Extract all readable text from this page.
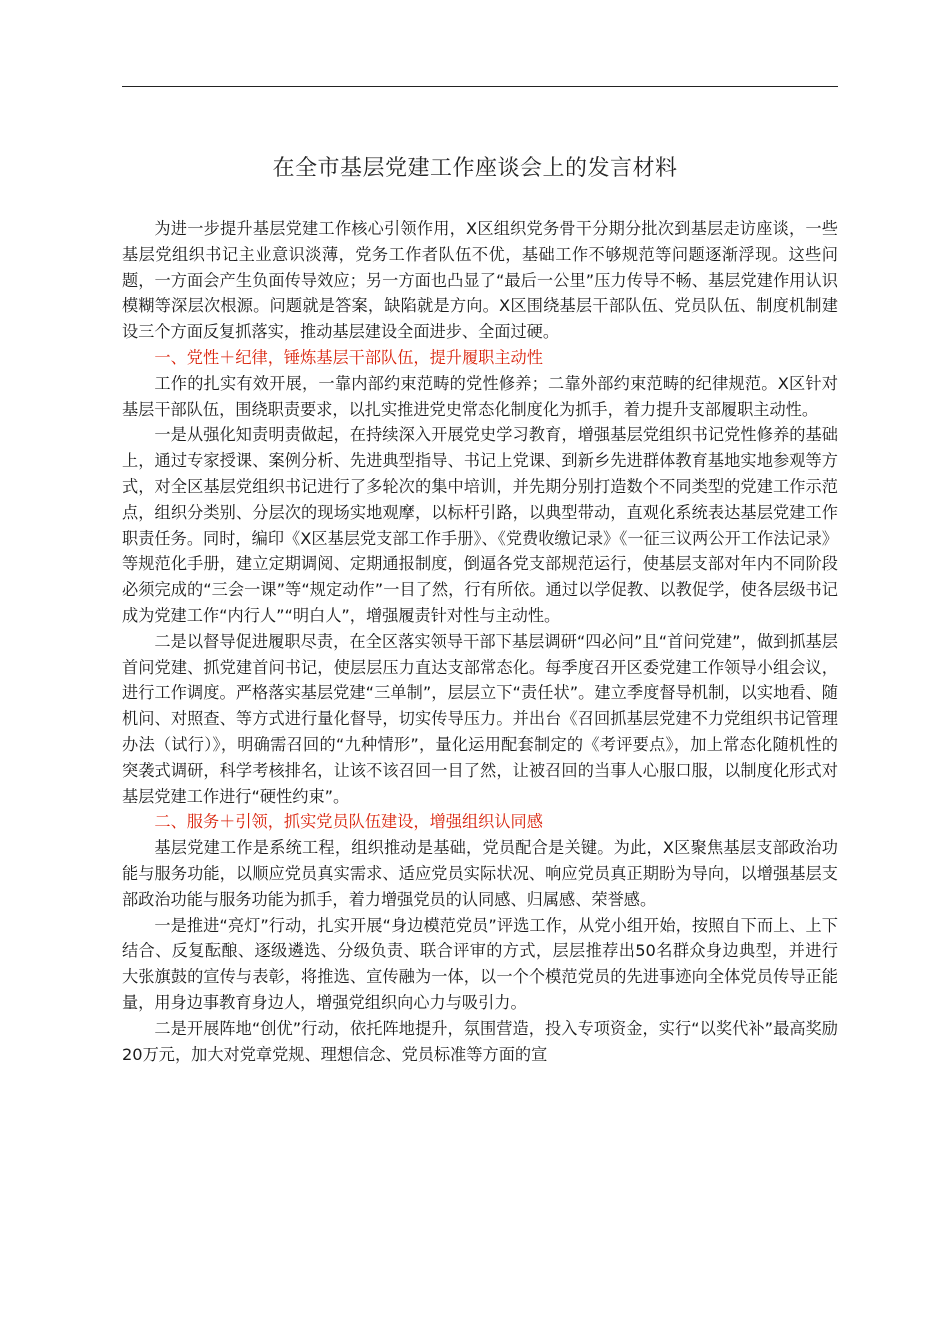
在全市基层党建工作座谈会上的发言材料

为进一步提升基层党建工作核心引领作用，X区组织党务骨干分期分批次到基层走访座谈，一些基层党组织书记主业意识淡薄，党务工作者队伍不优，基础工作不够规范等问题逐渐浮现。这些问题，一方面会产生负面传导效应；另一方面也凸显了“最后一公里”压力传导不畅、基层党建作用认识模糊等深层次根源。问题就是答案，缺陷就是方向。X区围绕基层干部队伍、党员队伍、制度机制建设三个方面反复抓落实，推动基层建设全面进步、全面过硬。

一、党性＋纪律，锤炼基层干部队伍，提升履职主动性

工作的扎实有效开展，一靠内部约束范畴的党性修养；二靠外部约束范畴的纪律规范。X区针对基层干部队伍，围绕职责要求，以扎实推进党史常态化制度化为抓手，着力提升支部履职主动性。

一是从强化知责明责做起，在持续深入开展党史学习教育，增强基层党组织书记党性修养的基础上，通过专家授课、案例分析、先进典型指导、书记上党课、到新乡先进群体教育基地实地参观等方式，对全区基层党组织书记进行了多轮次的集中培训，并先期分别打造数个不同类型的党建工作示范点，组织分类别、分层次的现场实地观摩，以标杆引路，以典型带动，直观化系统表达基层党建工作职责任务。同时，编印《X区基层党支部工作手册》、《党费收缴记录》《一征三议两公开工作法记录》等规范化手册，建立定期调阅、定期通报制度，倒逼各党支部规范运行，使基层支部对年内不同阶段必须完成的“三会一课”等“规定动作”一目了然，行有所依。通过以学促教、以教促学，使各层级书记成为党建工作“内行人”“明白人”，增强履责针对性与主动性。

二是以督导促进履职尽责，在全区落实领导干部下基层调研“四必问”且“首问党建”，做到抓基层首问党建、抓党建首问书记，使层层压力直达支部常态化。每季度召开区委党建工作领导小组会议，进行工作调度。严格落实基层党建“三单制”，层层立下“责任状”。建立季度督导机制，以实地看、随机问、对照查、等方式进行量化督导，切实传导压力。并出台《召回抓基层党建不力党组织书记管理办法（试行）》，明确需召回的“九种情形”，量化运用配套制定的《考评要点》，加上常态化随机性的突袭式调研，科学考核排名，让该不该召回一目了然，让被召回的当事人心服口服，以制度化形式对基层党建工作进行“硬性约束”。

二、服务＋引领，抓实党员队伍建设，增强组织认同感

基层党建工作是系统工程，组织推动是基础，党员配合是关键。为此，X区聚焦基层支部政治功能与服务功能，以顺应党员真实需求、适应党员实际状况、响应党员真正期盼为导向，以增强基层支部政治功能与服务功能为抓手，着力增强党员的认同感、归属感、荣誉感。

一是推进“亮灯”行动，扎实开展“身边模范党员”评选工作，从党小组开始，按照自下而上、上下结合、反复酝酿、逐级遴选、分级负责、联合评审的方式，层层推荐出50名群众身边典型，并进行大张旗鼓的宣传与表彰，将推选、宣传融为一体，以一个个模范党员的先进事迹向全体党员传导正能量，用身边事教育身边人，增强党组织向心力与吸引力。

二是开展阵地“创优”行动，依托阵地提升，氛围营造，投入专项资金，实行“以奖代补”最高奖励20万元，加大对党章党规、理想信念、党员标准等方面的宣
